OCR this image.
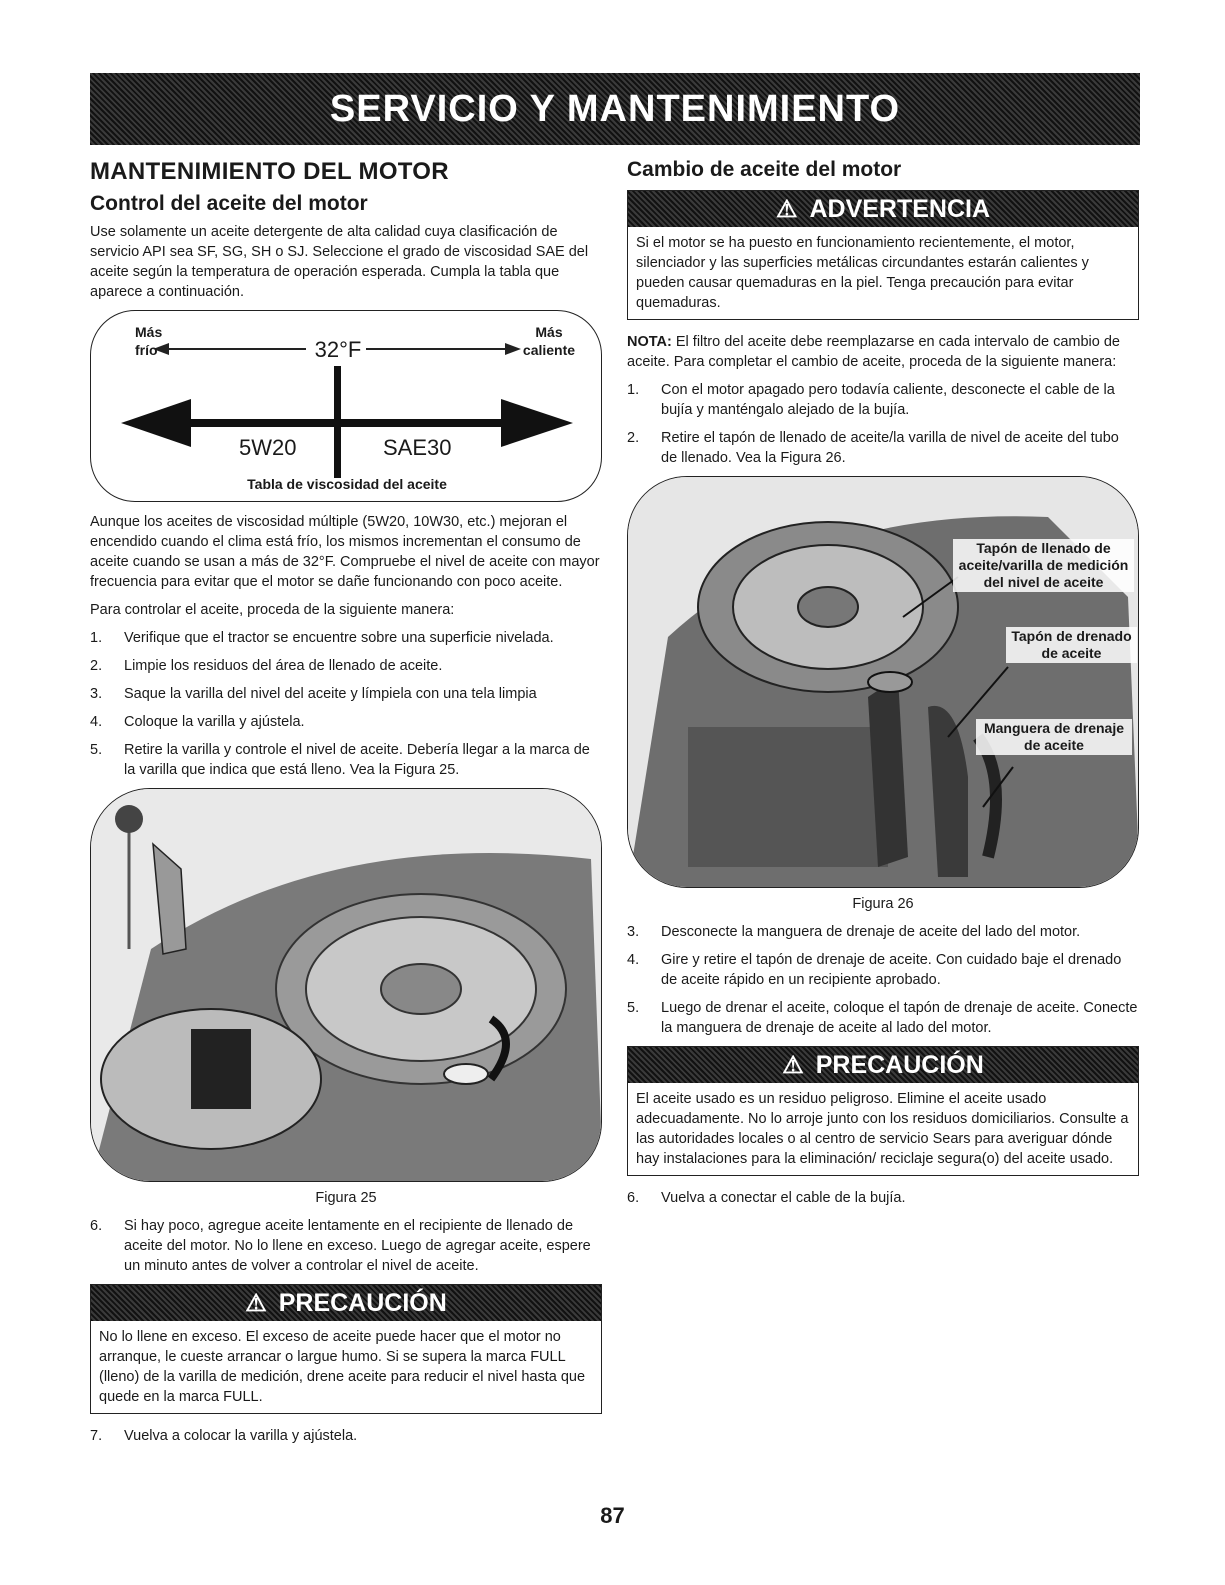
SERVICIO Y MANTENIMIENTO
MANTENIMIENTO DEL MOTOR
Control del aceite del motor

Use solamente un aceite detergente de alta calidad cuya clasificación de servicio API sea SF, SG, SH o SJ. Seleccione el grado de viscosidad SAE del aceite según la temperatura de operación esperada. Cumpla la tabla que aparece a continuación.

Más frío
Más caliente
32°F
5W20	SAE30
Tabla de viscosidad del aceite

Aunque los aceites de viscosidad múltiple (5W20, 10W30, etc.) mejoran el encendido cuando el clima está frío, los mismos incrementan el consumo de aceite cuando se usan a más de 32°F. Compruebe el nivel de aceite con mayor frecuencia para evitar que el motor se dañe funcionando con poco aceite.

Para controlar el aceite, proceda de la siguiente manera:

1. Verifique que el tractor se encuentre sobre una superficie nivelada.
2. Limpie los residuos del área de llenado de aceite.
3. Saque la varilla del nivel del aceite y límpiela con una tela limpia
4. Coloque la varilla y ajústela.
5. Retire la varilla y controle el nivel de aceite. Debería llegar a la marca de la varilla que indica que está lleno. Vea la Figura 25.
Figura 25
6. Si hay poco, agregue aceite lentamente en el recipiente de llenado de aceite del motor. No lo llene en exceso. Luego de agregar aceite, espere un minuto antes de volver a controlar el nivel de aceite.
⚠ PRECAUCIÓN
No lo llene en exceso. El exceso de aceite puede hacer que el motor no arranque, le cueste arrancar o largue humo. Si se supera la marca FULL (lleno) de la varilla de medición, drene aceite para reducir el nivel hasta que quede en la marca FULL.
7. Vuelva a colocar la varilla y ajústela.
Cambio de aceite del motor
⚠ ADVERTENCIA
Si el motor se ha puesto en funcionamiento recientemente, el motor, silenciador y las superficies metálicas circundantes estarán calientes y pueden causar quemaduras en la piel. Tenga precaución para evitar quemaduras.

NOTA: El filtro del aceite debe reemplazarse en cada intervalo de cambio de aceite. Para completar el cambio de aceite, proceda de la siguiente manera:

1. Con el motor apagado pero todavía caliente, desconecte el cable de la bujía y manténgalo alejado de la bujía.
2. Retire el tapón de llenado de aceite/la varilla de nivel de aceite del tubo de llenado. Vea la Figura 26.
Tapón de llenado de aceite/varilla de medición del nivel de aceite
Tapón de drenado de aceite
Manguera de drenaje de aceite
Figura 26
3. Desconecte la manguera de drenaje de aceite del lado del motor.
4. Gire y retire el tapón de drenaje de aceite. Con cuidado baje el drenado de aceite rápido en un recipiente aprobado.
5. Luego de drenar el aceite, coloque el tapón de drenaje de aceite. Conecte la manguera de drenaje de aceite al lado del motor.
⚠ PRECAUCIÓN
El aceite usado es un residuo peligroso. Elimine el aceite usado adecuadamente. No lo arroje junto con los residuos domiciliarios. Consulte a las autoridades locales o al centro de servicio Sears para averiguar dónde hay instalaciones para la eliminación/ reciclaje segura(o) del aceite usado.
6. Vuelva a conectar el cable de la bujía.
87
